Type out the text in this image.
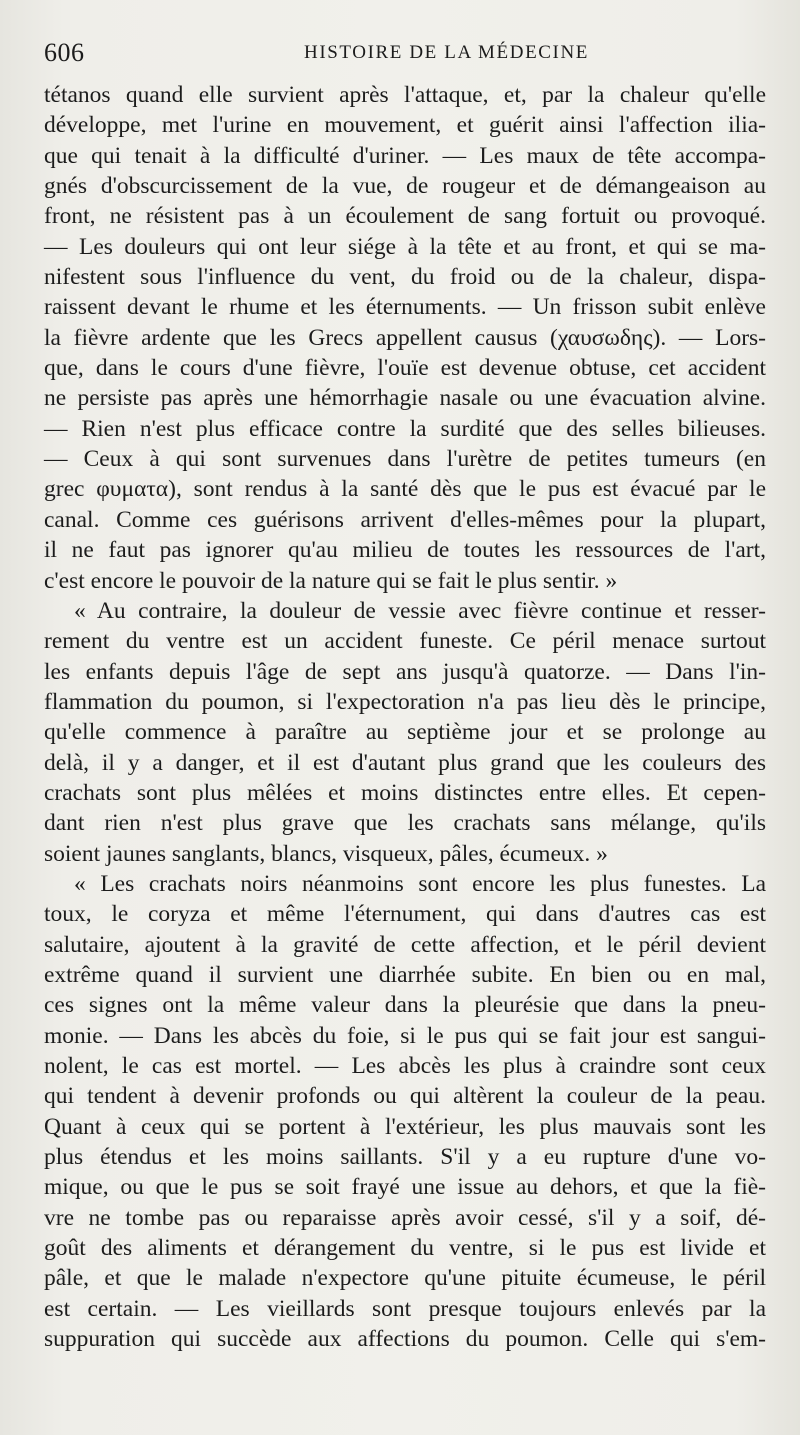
606	HISTOIRE DE LA MÉDECINE
tétanos quand elle survient après l'attaque, et, par la chaleur qu'elle
développe, met l'urine en mouvement, et guérit ainsi l'affection ilia-
que qui tenait à la difficulté d'uriner. — Les maux de tête accompa-
gnés d'obscurcissement de la vue, de rougeur et de démangeaison au
front, ne résistent pas à un écoulement de sang fortuit ou provoqué.
— Les douleurs qui ont leur siége à la tête et au front, et qui se ma-
nifestent sous l'influence du vent, du froid ou de la chaleur, dispa-
raissent devant le rhume et les éternuments. — Un frisson subit enlève
la fièvre ardente que les Grecs appellent causus (χαυσωδης). — Lors-
que, dans le cours d'une fièvre, l'ouïe est devenue obtuse, cet accident
ne persiste pas après une hémorrhagie nasale ou une évacuation alvine.
— Rien n'est plus efficace contre la surdité que des selles bilieuses.
— Ceux à qui sont survenues dans l'urètre de petites tumeurs (en
grec φυματα), sont rendus à la santé dès que le pus est évacué par le
canal. Comme ces guérisons arrivent d'elles-mêmes pour la plupart,
il ne faut pas ignorer qu'au milieu de toutes les ressources de l'art,
c'est encore le pouvoir de la nature qui se fait le plus sentir. »
« Au contraire, la douleur de vessie avec fièvre continue et resser-
rement du ventre est un accident funeste. Ce péril menace surtout
les enfants depuis l'âge de sept ans jusqu'à quatorze. — Dans l'in-
flammation du poumon, si l'expectoration n'a pas lieu dès le principe,
qu'elle commence à paraître au septième jour et se prolonge au
delà, il y a danger, et il est d'autant plus grand que les couleurs des
crachats sont plus mêlées et moins distinctes entre elles. Et cepen-
dant rien n'est plus grave que les crachats sans mélange, qu'ils
soient jaunes sanglants, blancs, visqueux, pâles, écumeux. »
« Les crachats noirs néanmoins sont encore les plus funestes. La
toux, le coryza et même l'éternument, qui dans d'autres cas est
salutaire, ajoutent à la gravité de cette affection, et le péril devient
extrême quand il survient une diarrhée subite. En bien ou en mal,
ces signes ont la même valeur dans la pleurésie que dans la pneu-
monie. — Dans les abcès du foie, si le pus qui se fait jour est sangui-
nolent, le cas est mortel. — Les abcès les plus à craindre sont ceux
qui tendent à devenir profonds ou qui altèrent la couleur de la peau.
Quant à ceux qui se portent à l'extérieur, les plus mauvais sont les
plus étendus et les moins saillants. S'il y a eu rupture d'une vo-
mique, ou que le pus se soit frayé une issue au dehors, et que la fiè-
vre ne tombe pas ou reparaisse après avoir cessé, s'il y a soif, dé-
goût des aliments et dérangement du ventre, si le pus est livide et
pâle, et que le malade n'expectore qu'une pituite écumeuse, le péril
est certain. — Les vieillards sont presque toujours enlevés par la
suppuration qui succède aux affections du poumon. Celle qui s'em-
